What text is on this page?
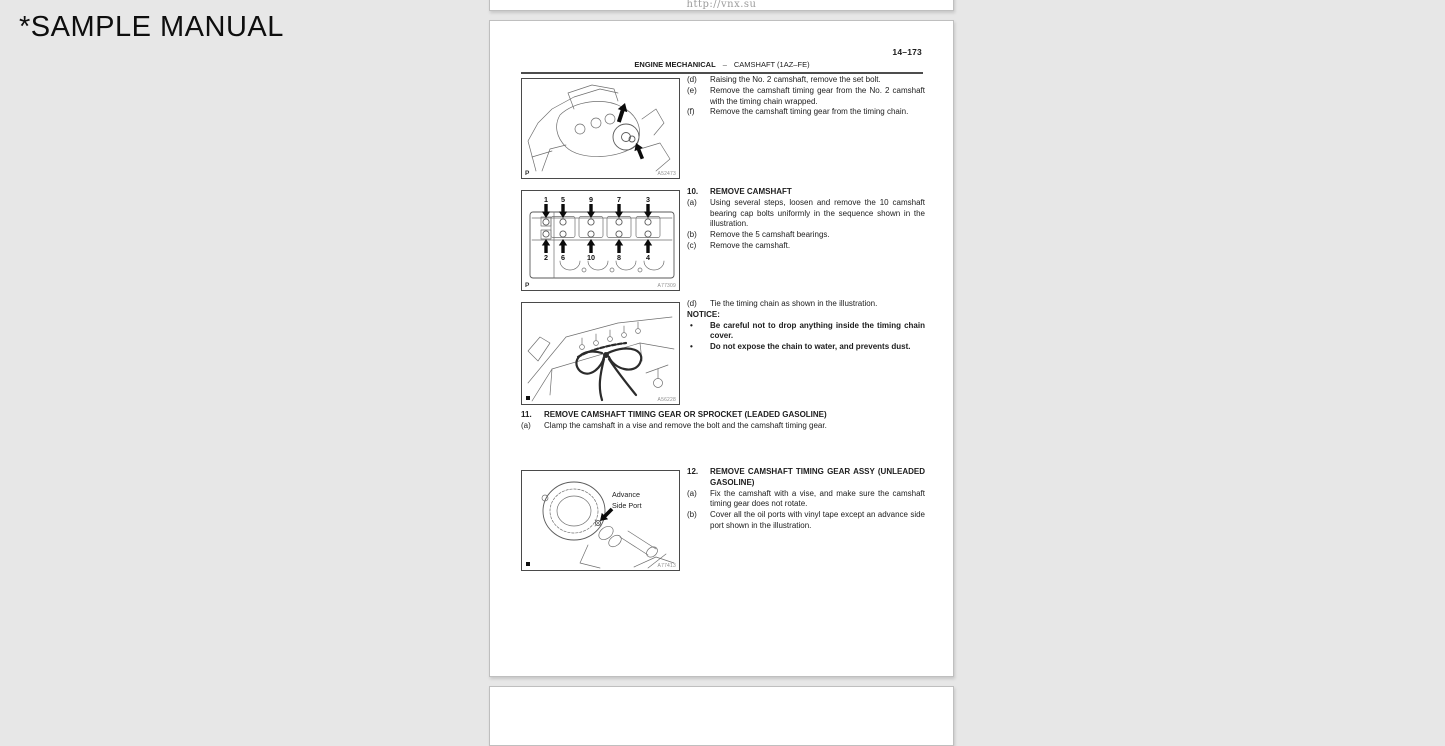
*SAMPLE MANUAL
http://vnx.su
14–173
ENGINE MECHANICAL – CAMSHAFT (1AZ–FE)
P	A52473
1 5	9	7	3
2 6	10	8	4
P	A77309
A56228
Advance
Side Port
A77413
(d)	Raising the No. 2 camshaft, remove the set bolt.
(e)	Remove the camshaft timing gear from the No. 2 camshaft with the timing chain wrapped.
(f)	Remove the camshaft timing gear from the timing chain.
10.	REMOVE CAMSHAFT
(a)	Using several steps, loosen and remove the 10 camshaft bearing cap bolts uniformly in the sequence shown in the illustration.
(b)	Remove the 5 camshaft bearings.
(c)	Remove the camshaft.
(d)	Tie the timing chain as shown in the illustration.
NOTICE:
•	Be careful not to drop anything inside the timing chain cover.
•	Do not expose the chain to water, and prevents dust.
11.	REMOVE CAMSHAFT TIMING GEAR OR SPROCKET (LEADED GASOLINE)
(a)	Clamp the camshaft in a vise and remove the bolt and the camshaft timing gear.
12.	REMOVE CAMSHAFT TIMING GEAR ASSY (UNLEADED GASOLINE)
(a)	Fix the camshaft with a vise, and make sure the camshaft timing gear does not rotate.
(b)	Cover all the oil ports with vinyl tape except an advance side port shown in the illustration.
